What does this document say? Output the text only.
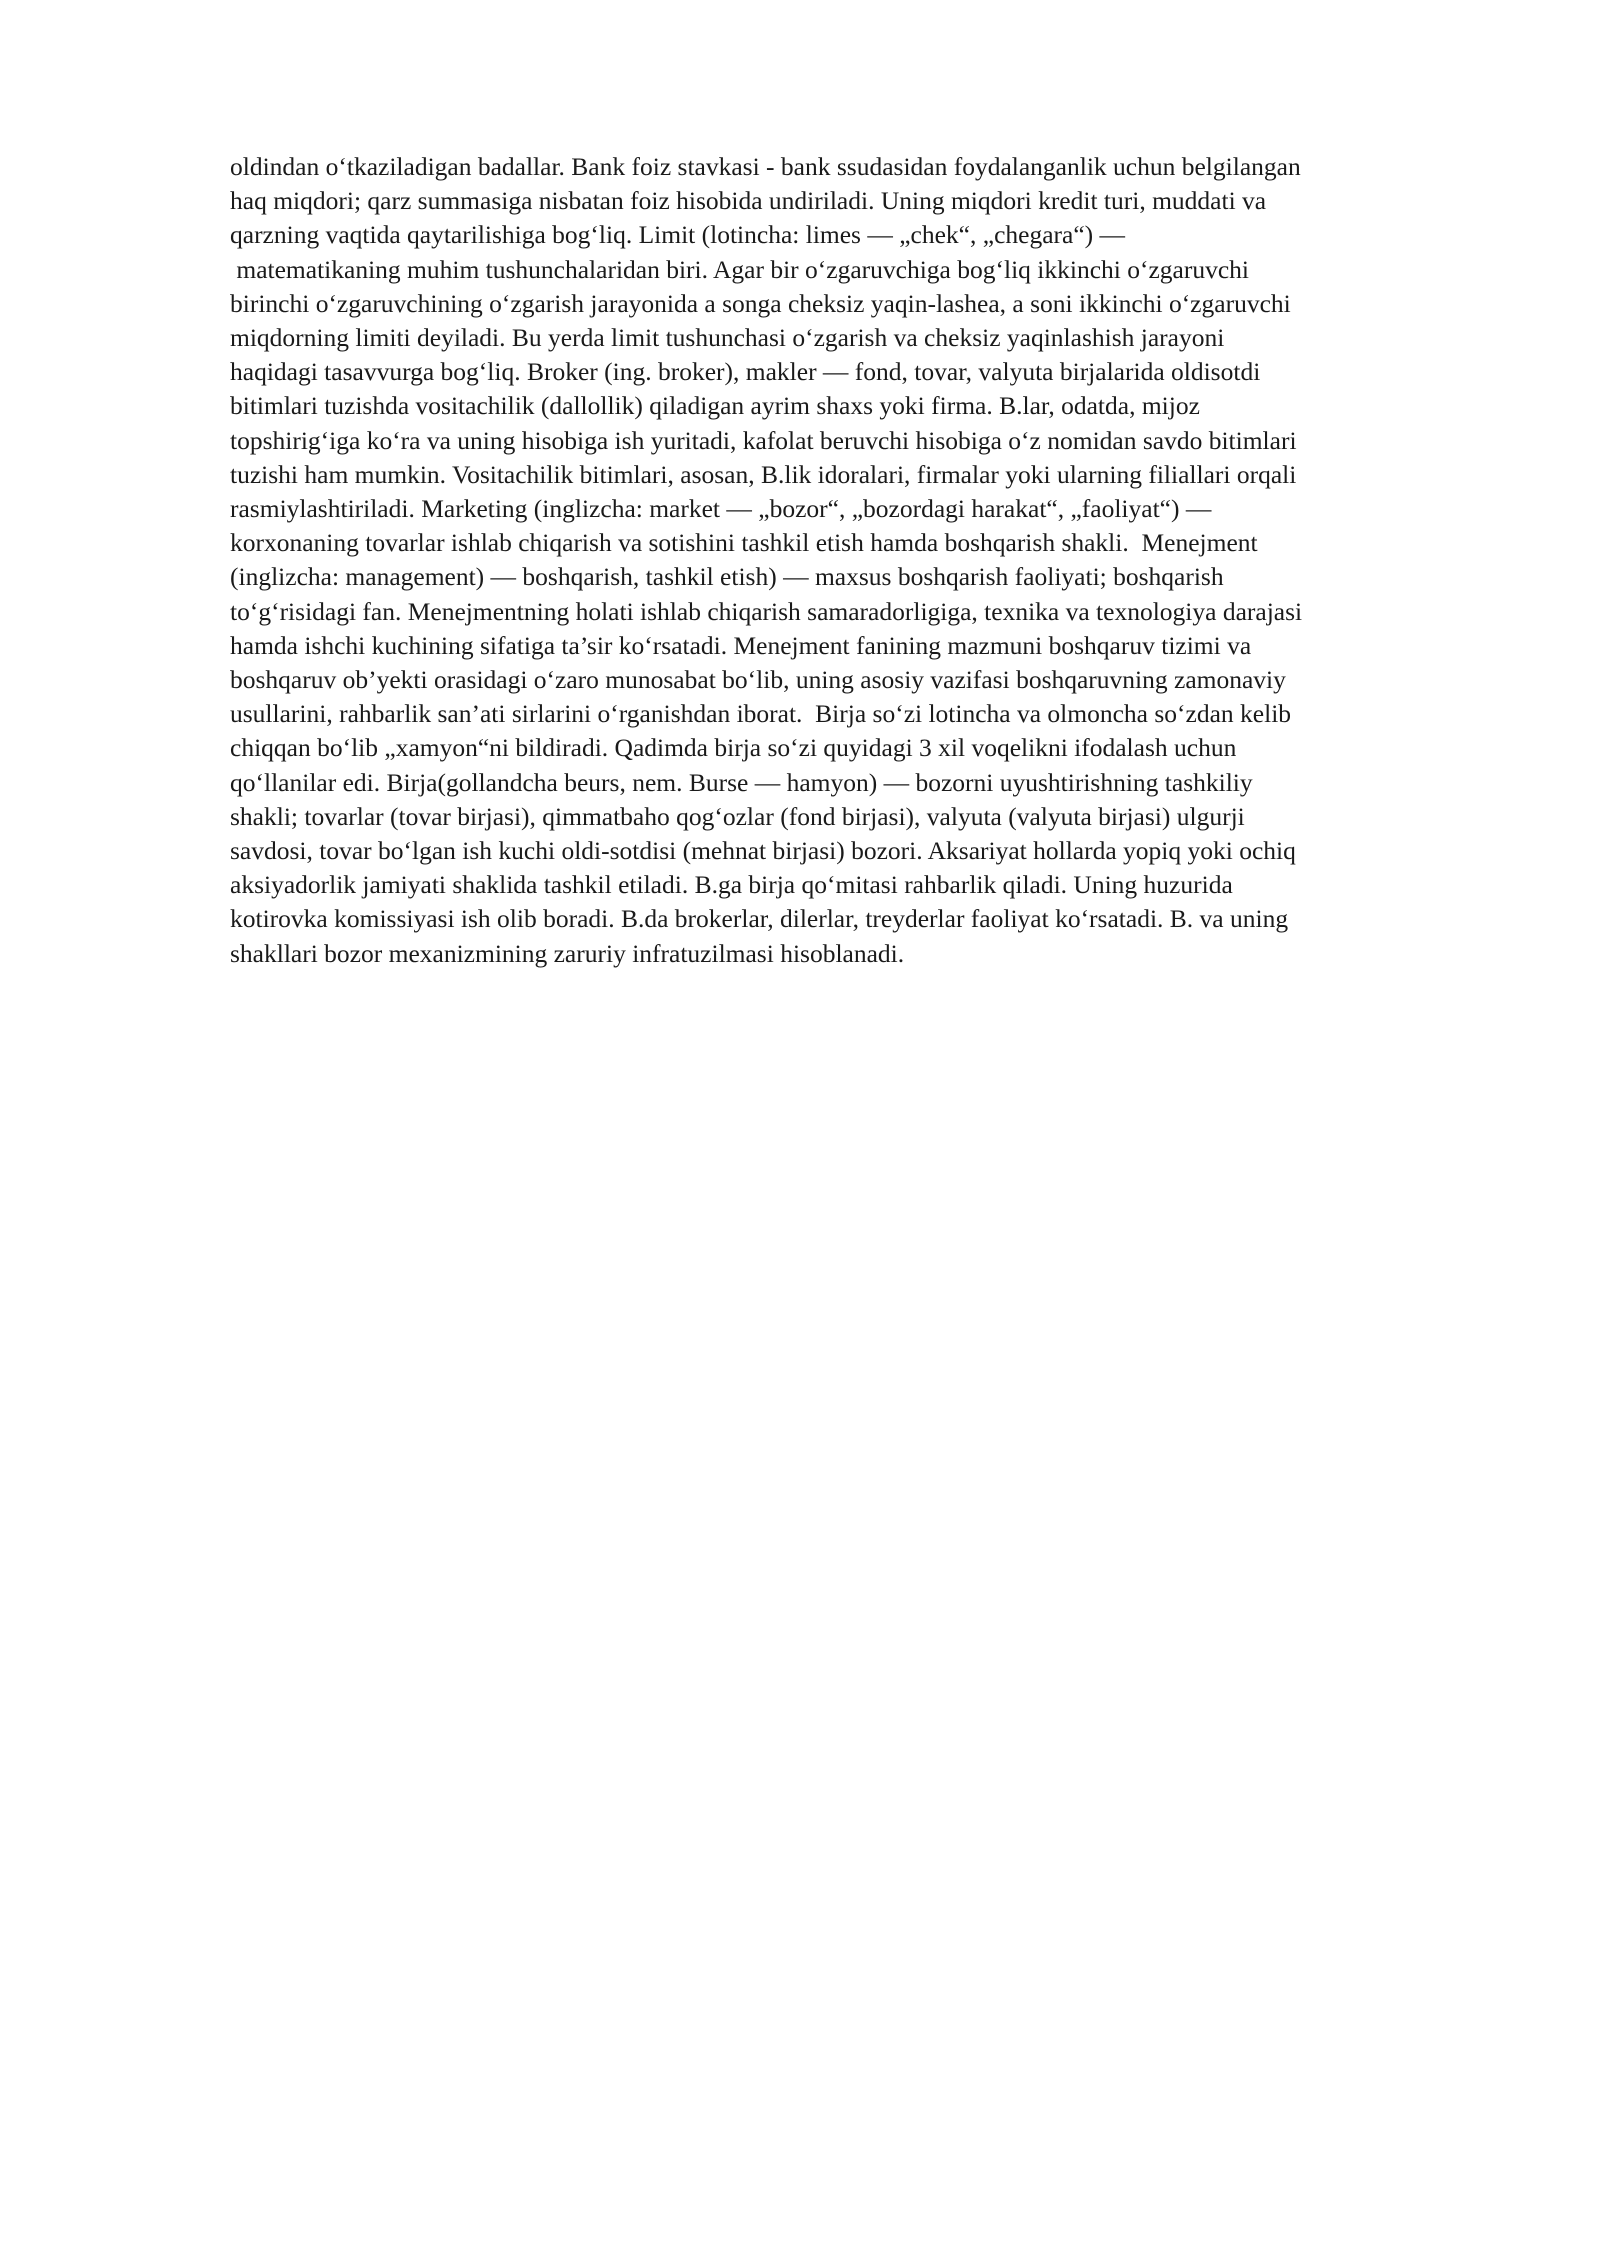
oldindan o‘tkaziladigan badallar. Bank foiz stavkasi - bank ssudasidan foydalanganlik uchun belgilangan
haq miqdori; qarz summasiga nisbatan foiz hisobida undiriladi. Uning miqdori kredit turi, muddati va
qarzning vaqtida qaytarilishiga bog‘liq. Limit (lotincha: limes — „chek“, „chegara“) —
matematikaning muhim tushunchalaridan biri. Agar bir o‘zgaruvchiga bog‘liq ikkinchi o‘zgaruvchi
birinchi o‘zgaruvchining o‘zgarish jarayonida a songa cheksiz yaqin-lashea, a soni ikkinchi o‘zgaruvchi
miqdorning limiti deyiladi. Bu yerda limit tushunchasi o‘zgarish va cheksiz yaqinlashish jarayoni
haqidagi tasavvurga bog‘liq. Broker (ing. broker), makler — fond, tovar, valyuta birjalarida oldisotdi
bitimlari tuzishda vositachilik (dallollik) qiladigan ayrim shaxs yoki firma. B.lar, odatda, mijoz
topshirig‘iga ko‘ra va uning hisobiga ish yuritadi, kafolat beruvchi hisobiga o‘z nomidan savdo bitimlari
tuzishi ham mumkin. Vositachilik bitimlari, asosan, B.lik idoralari, firmalar yoki ularning filiallari orqali
rasmiylashtiriladi. Marketing (inglizcha: market — „bozor“, „bozordagi harakat“, „faoliyat“) —
korxonaning tovarlar ishlab chiqarish va sotishini tashkil etish hamda boshqarish shakli.  Menejment
(inglizcha: management) — boshqarish, tashkil etish) — maxsus boshqarish faoliyati; boshqarish
to‘g‘risidagi fan. Menejmentning holati ishlab chiqarish samaradorligiga, texnika va texnologiya darajasi
hamda ishchi kuchining sifatiga ta’sir ko‘rsatadi. Menejment fanining mazmuni boshqaruv tizimi va
boshqaruv ob’yekti orasidagi o‘zaro munosabat bo‘lib, uning asosiy vazifasi boshqaruvning zamonaviy
usullarini, rahbarlik san’ati sirlarini o‘rganishdan iborat.  Birja so‘zi lotincha va olmoncha so‘zdan kelib
chiqqan bo‘lib „xamyon“ni bildiradi. Qadimda birja so‘zi quyidagi 3 xil voqelikni ifodalash uchun
qo‘llanilar edi. Birja(gollandcha beurs, nem. Burse — hamyon) — bozorni uyushtirishning tashkiliy
shakli; tovarlar (tovar birjasi), qimmatbaho qog‘ozlar (fond birjasi), valyuta (valyuta birjasi) ulgurji
savdosi, tovar bo‘lgan ish kuchi oldi-sotdisi (mehnat birjasi) bozori. Aksariyat hollarda yopiq yoki ochiq
aksiyadorlik jamiyati shaklida tashkil etiladi. B.ga birja qo‘mitasi rahbarlik qiladi. Uning huzurida
kotirovka komissiyasi ish olib boradi. B.da brokerlar, dilerlar, treyderlar faoliyat ko‘rsatadi. B. va uning
shakllari bozor mexanizmining zaruriy infratuzilmasi hisoblanadi.
